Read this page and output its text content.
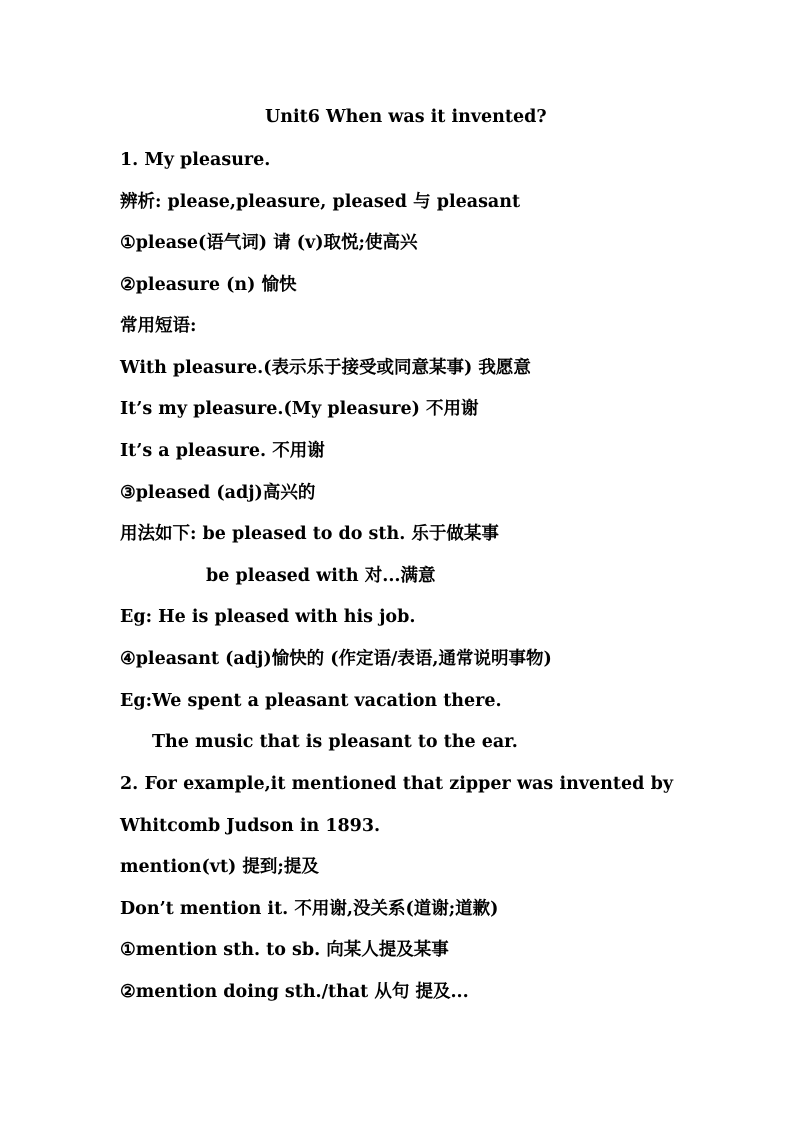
Unit6 When was it invented?
1. My pleasure.
辨析: please,pleasure, pleased 与 pleasant
①please(语气词) 请 (v)取悦;使高兴
②pleasure (n) 愉快
常用短语:
With pleasure.(表示乐于接受或同意某事) 我愿意
It’s my pleasure.(My pleasure) 不用谢
It’s a pleasure. 不用谢
③pleased (adj)高兴的
用法如下: be pleased to do sth. 乐于做某事
be pleased with 对...满意
Eg: He is pleased with his job.
④pleasant (adj)愉快的 (作定语/表语,通常说明事物)
Eg:We spent a pleasant vacation there.
The music that is pleasant to the ear.
2. For example,it mentioned that zipper was invented by
Whitcomb Judson in 1893.
mention(vt) 提到;提及
Don’t mention it. 不用谢,没关系(道谢;道歉)
①mention sth. to sb. 向某人提及某事
②mention doing sth./that 从句 提及...
